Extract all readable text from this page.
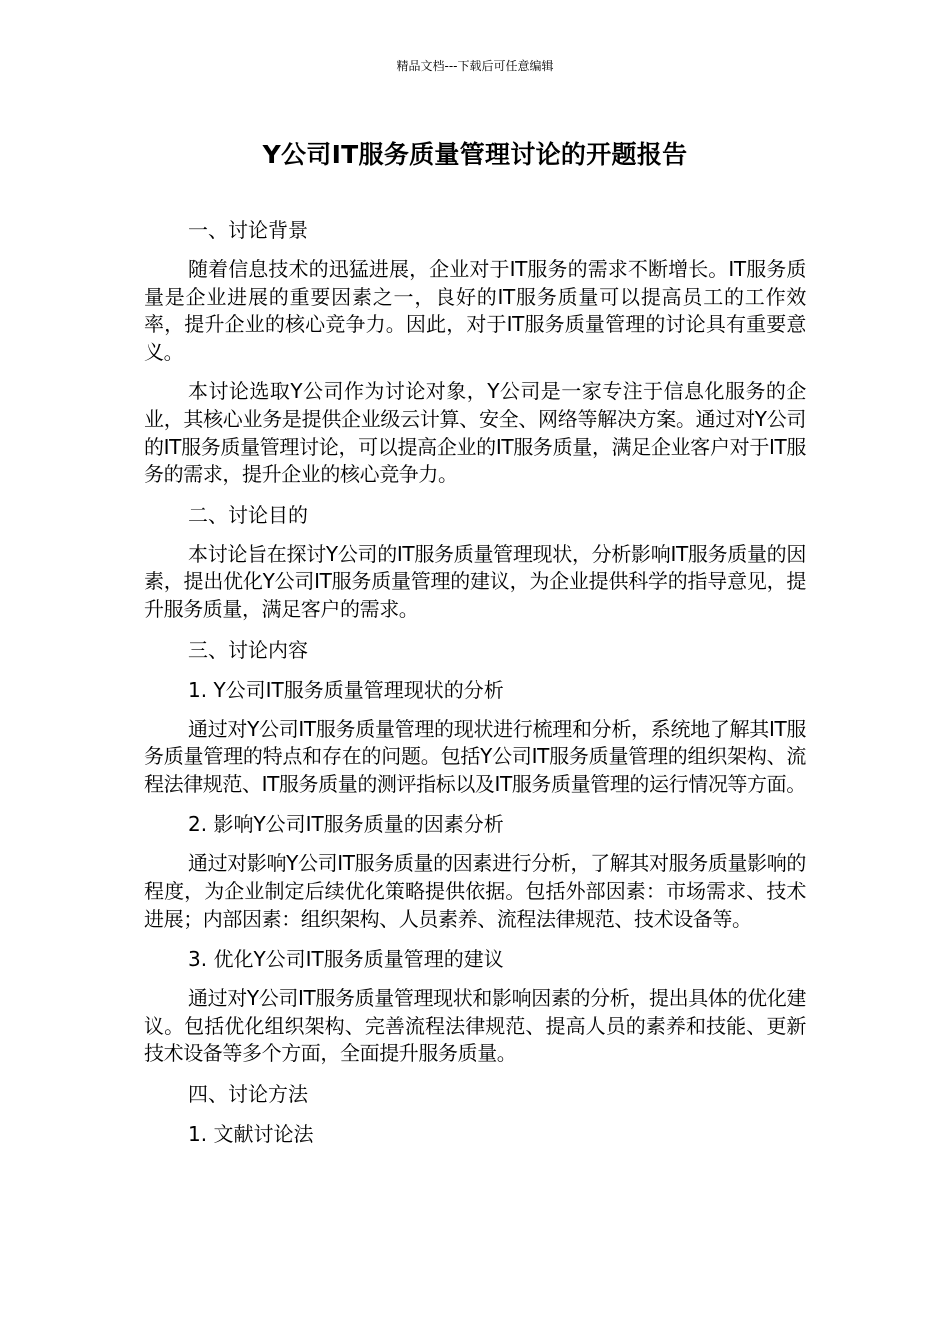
精品文档---下载后可任意编辑
Y公司IT服务质量管理讨论的开题报告
一、讨论背景
随着信息技术的迅猛进展，企业对于IT服务的需求不断增长。IT服务质量是企业进展的重要因素之一，良好的IT服务质量可以提高员工的工作效率，提升企业的核心竞争力。因此，对于IT服务质量管理的讨论具有重要意义。
本讨论选取Y公司作为讨论对象，Y公司是一家专注于信息化服务的企业，其核心业务是提供企业级云计算、安全、网络等解决方案。通过对Y公司的IT服务质量管理讨论，可以提高企业的IT服务质量，满足企业客户对于IT服务的需求，提升企业的核心竞争力。
二、讨论目的
本讨论旨在探讨Y公司的IT服务质量管理现状，分析影响IT服务质量的因素，提出优化Y公司IT服务质量管理的建议，为企业提供科学的指导意见，提升服务质量，满足客户的需求。
三、讨论内容
1. Y公司IT服务质量管理现状的分析
通过对Y公司IT服务质量管理的现状进行梳理和分析，系统地了解其IT服务质量管理的特点和存在的问题。包括Y公司IT服务质量管理的组织架构、流程法律规范、IT服务质量的测评指标以及IT服务质量管理的运行情况等方面。
2. 影响Y公司IT服务质量的因素分析
通过对影响Y公司IT服务质量的因素进行分析，了解其对服务质量影响的程度，为企业制定后续优化策略提供依据。包括外部因素：市场需求、技术进展；内部因素：组织架构、人员素养、流程法律规范、技术设备等。
3. 优化Y公司IT服务质量管理的建议
通过对Y公司IT服务质量管理现状和影响因素的分析，提出具体的优化建议。包括优化组织架构、完善流程法律规范、提高人员的素养和技能、更新技术设备等多个方面，全面提升服务质量。
四、讨论方法
1. 文献讨论法
